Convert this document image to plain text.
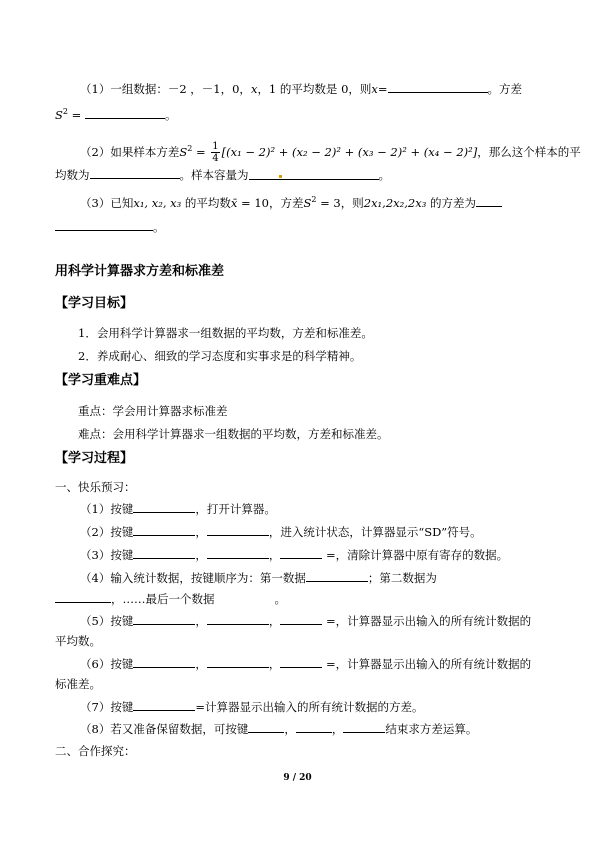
（1）一组数据：－2 ，－1，0，x，1 的平均数是 0，则x=	。方差
$S^2$ =	。
（2）如果样本方差$S^2 = \frac{1}{4} [(x_1 - 2)^2 + (x_2 - 2)^2 + (x_3 - 2)^2 + (x_4 - 2)^2]$，那么这个样本的平
均数为	。样本容量为	。
（3）已知x₁, x₂, x₃ 的平均数x̄ = 10，方差$S^2 = 3$，则2x₁,2x₂,2x₃ 的方差为
。
用科学计算器求方差和标准差
【学习目标】
1．会用科学计算器求一组数据的平均数，方差和标准差。
2．养成耐心、细致的学习态度和实事求是的科学精神。
【学习重难点】
重点：学会用计算器求标准差
难点：会用科学计算器求一组数据的平均数，方差和标准差。
【学习过程】
一、快乐预习：
（1）按键	，打开计算器。
（2）按键	，	，进入统计状态，计算器显示“SD”符号。
（3）按键	，	，	=，清除计算器中原有寄存的数据。
（4）输入统计数据，按键顺序为：第一数据	；第二数据为
，……最后一个数据	。
（5）按键	，	，	=，计算器显示出输入的所有统计数据的
平均数。
（6）按键	，	，	=，计算器显示出输入的所有统计数据的
标准差。
（7）按键	=计算器显示出输入的所有统计数据的方差。
（8）若又准备保留数据，可按键	，	，	结束求方差运算。
二、合作探究：
9 / 20
